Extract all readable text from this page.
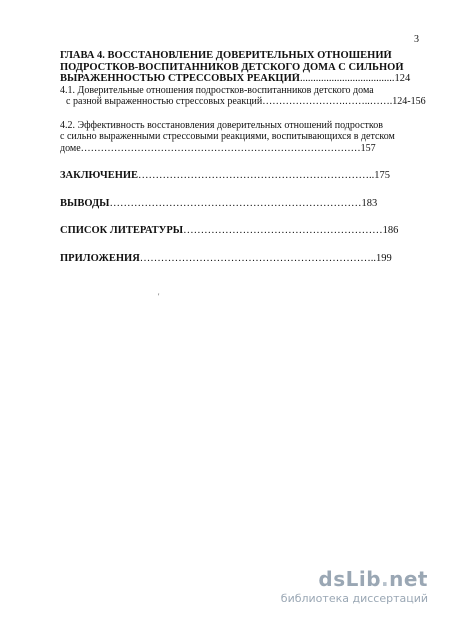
3
ГЛАВА 4. ВОССТАНОВЛЕНИЕ ДОВЕРИТЕЛЬНЫХ ОТНОШЕНИЙ
ПОДРОСТКОВ-ВОСПИТАННИКОВ ДЕТСКОГО ДОМА С СИЛЬНОЙ
ВЫРАЖЕННОСТЬЮ СТРЕССОВЫХ РЕАКЦИЙ....................................124
4.1. Доверительные отношения подростков-воспитанников детского дома
с разной выраженностью стрессовых реакций…………………….……..…….124-156
4.2. Эффективность восстановления доверительных отношений подростков
с сильно выраженными стрессовыми реакциями, воспитывающихся в детском
доме…………………………………………………………………………157
ЗАКЛЮЧЕНИЕ…………………………………………………………..175
ВЫВОДЫ………………………………………………………………183
СПИСОК ЛИТЕРАТУРЫ…………………………………………………186
ПРИЛОЖЕНИЯ…………………………………………………………..199
'
dsLib.net
библиотека диссертаций
